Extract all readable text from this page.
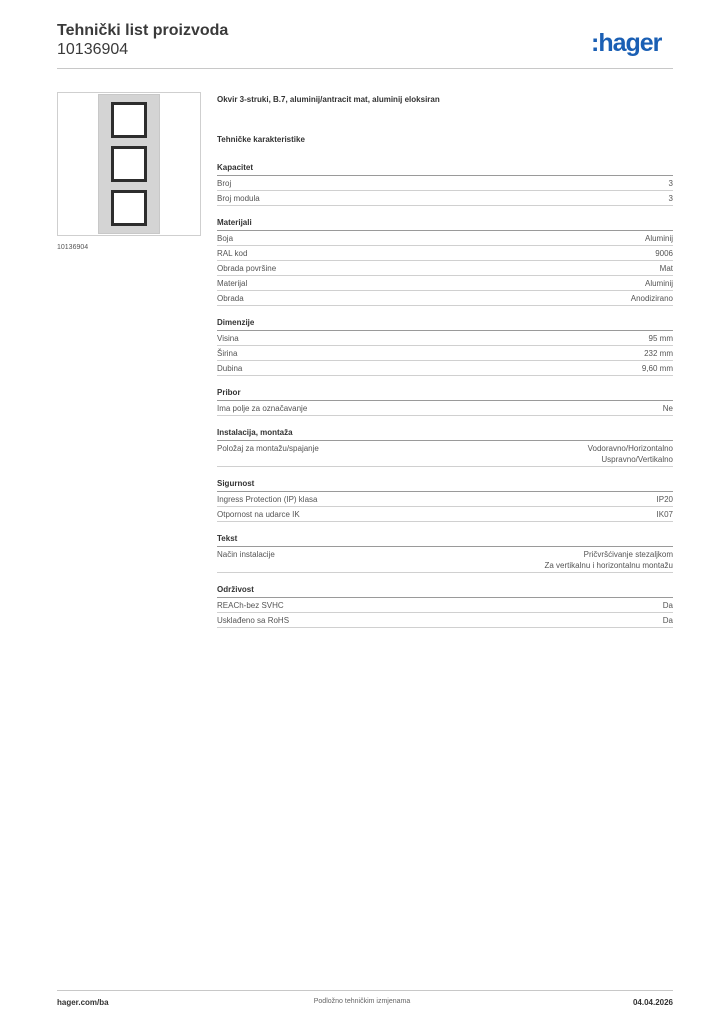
Tehnički list proizvoda
10136904	:hager
10136904
Okvir 3-struki, B.7, aluminij/antracit mat, aluminij eloksiran
Tehničke karakteristike
Kapacitet
Broj	3
Broj modula	3
Materijali
Boja	Aluminij
RAL kod	9006
Obrada površine	Mat
Materijal	Aluminij
Obrada	Anodizirano
Dimenzije
Visina	95 mm
Širina	232 mm
Dubina	9,60 mm
Pribor
Ima polje za označavanje	Ne
Instalacija, montaža
Položaj za montažu/spajanje	Vodoravno/Horizontalno
Uspravno/Vertikalno
Sigurnost
Ingress Protection (IP) klasa	IP20
Otpornost na udarce IK	IK07
Tekst
Način instalacije	Pričvršćivanje stezaljkom
Za vertikalnu i horizontalnu montažu
Održivost
REACh-bez SVHC	Da
Usklađeno sa RoHS	Da
hager.com/ba	Podložno tehničkim izmjenama	04.04.2026
